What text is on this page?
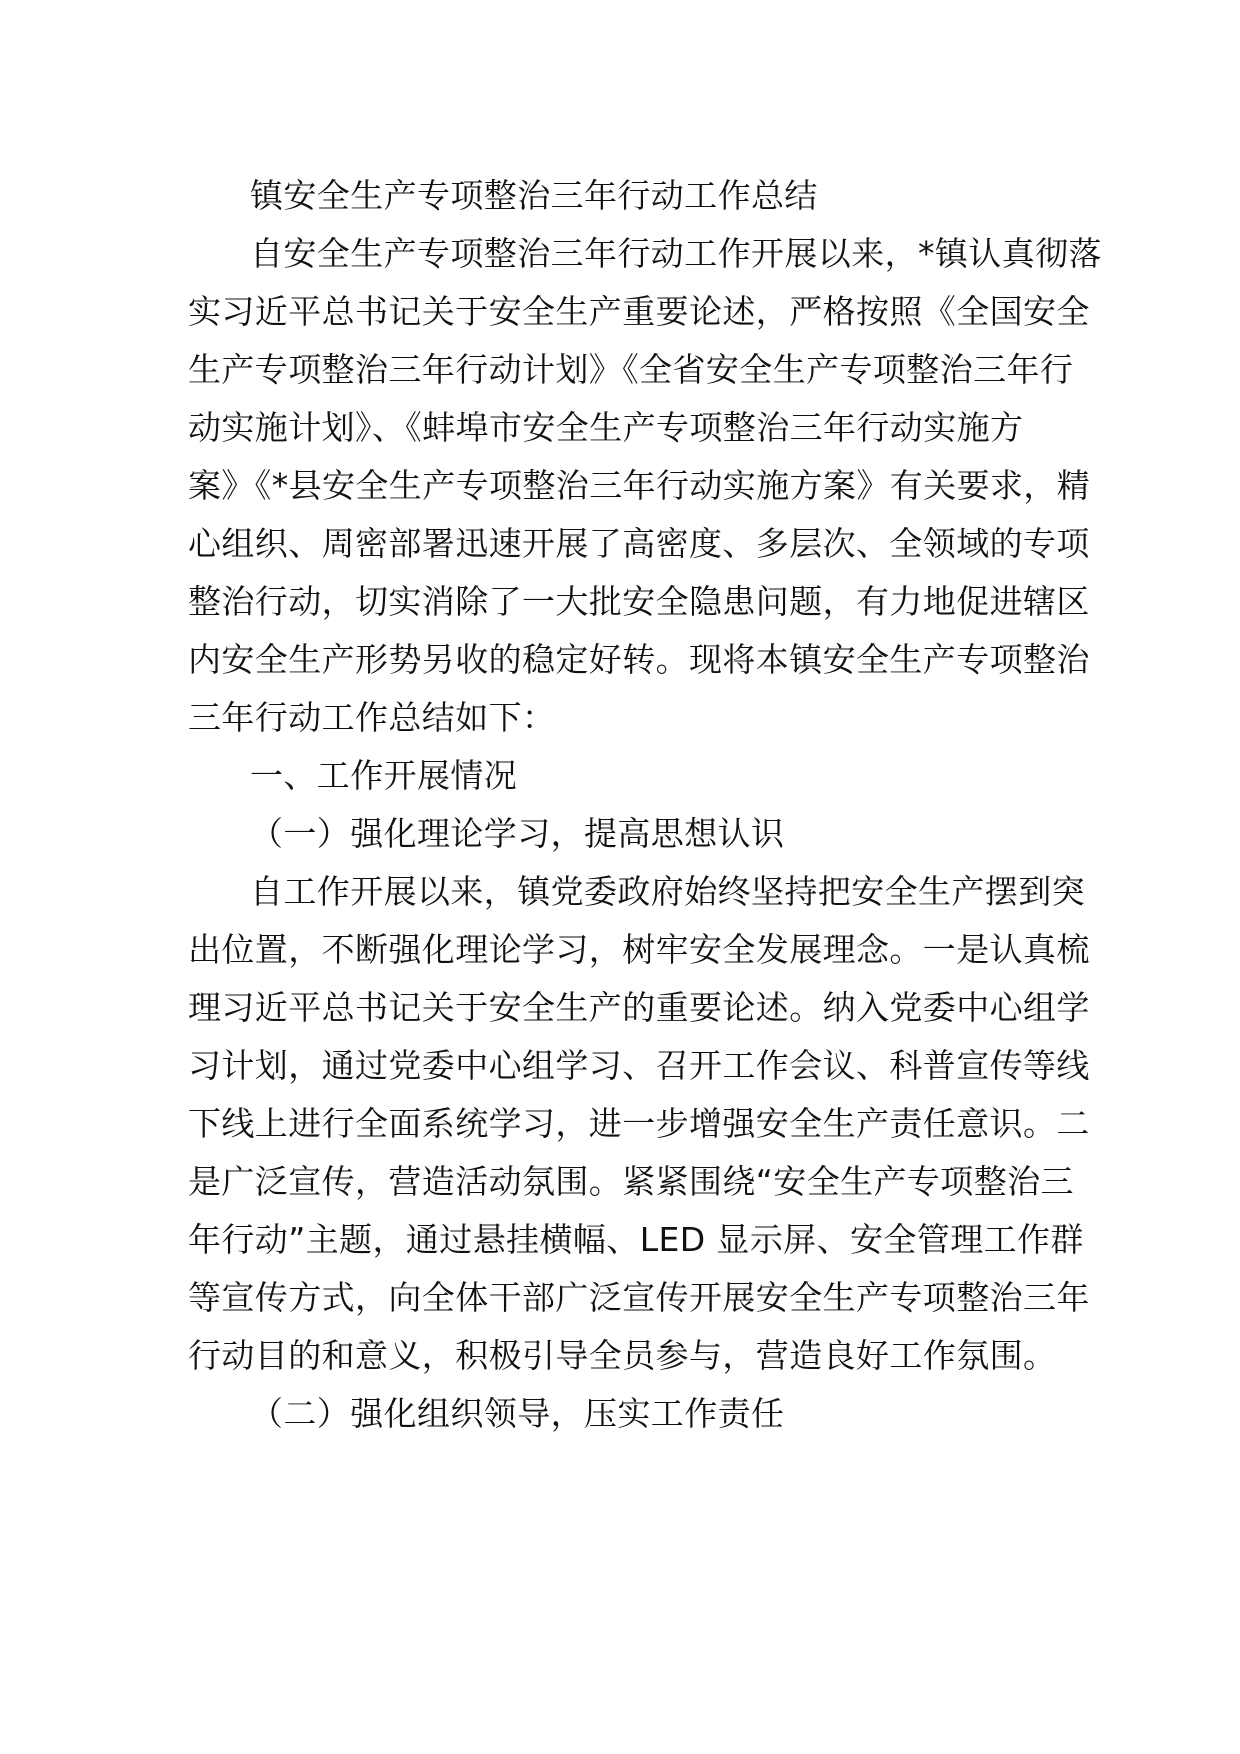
镇安全生产专项整治三年行动工作总结
自安全生产专项整治三年行动工作开展以来，*镇认真彻落
实习近平总书记关于安全生产重要论述，严格按照《全国安全
生产专项整治三年行动计划》《全省安全生产专项整治三年行
动实施计划》、《蚌埠市安全生产专项整治三年行动实施方
案》《*县安全生产专项整治三年行动实施方案》有关要求，精
心组织、周密部署迅速开展了高密度、多层次、全领域的专项
整治行动，切实消除了一大批安全隐患问题，有力地促进辖区
内安全生产形势另收的稳定好转。现将本镇安全生产专项整治
三年行动工作总结如下：
一、工作开展情况
（一）强化理论学习，提高思想认识
自工作开展以来，镇党委政府始终坚持把安全生产摆到突
出位置，不断强化理论学习，树牢安全发展理念。一是认真梳
理习近平总书记关于安全生产的重要论述。纳入党委中心组学
习计划，通过党委中心组学习、召开工作会议、科普宣传等线
下线上进行全面系统学习，进一步增强安全生产责任意识。二
是广泛宣传，营造活动氛围。紧紧围绕“安全生产专项整治三
年行动”主题，通过悬挂横幅、LED 显示屏、安全管理工作群
等宣传方式，向全体干部广泛宣传开展安全生产专项整治三年
行动目的和意义，积极引导全员参与，营造良好工作氛围。
（二）强化组织领导，压实工作责任
